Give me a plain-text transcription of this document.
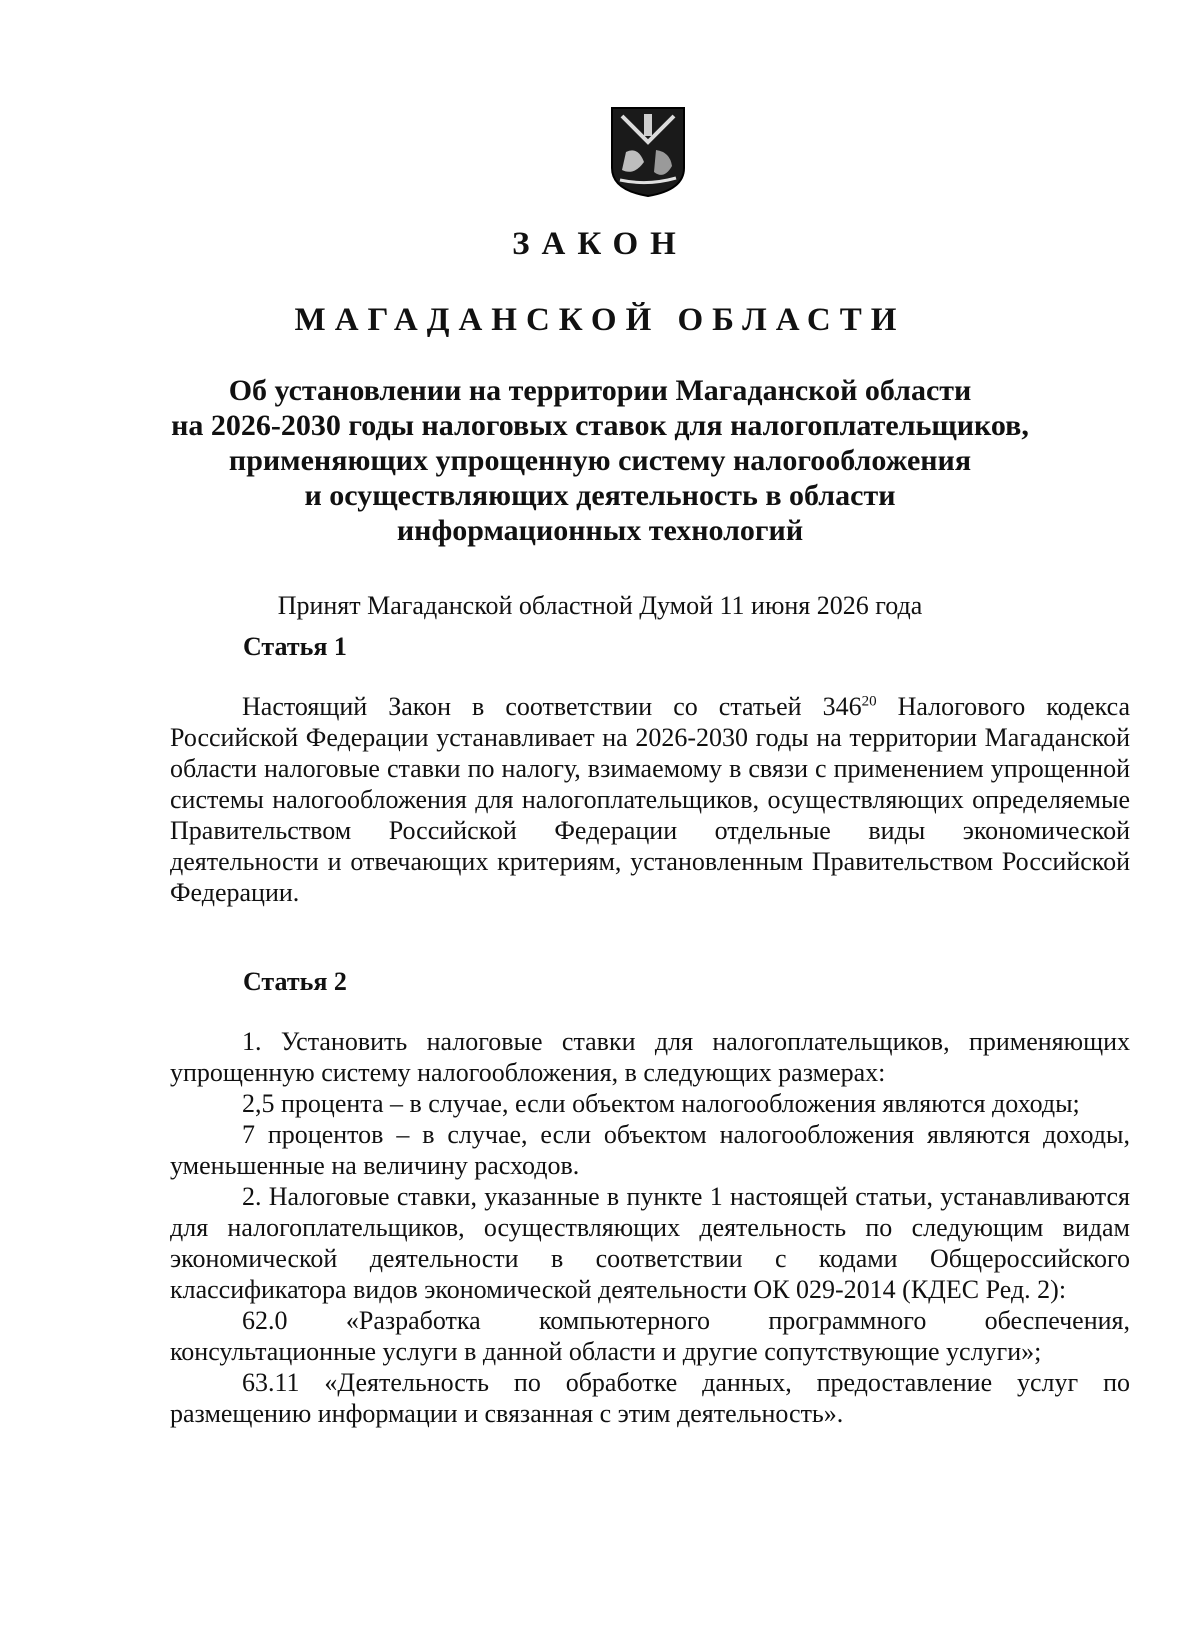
ЗАКОН
МАГАДАНСКОЙ ОБЛАСТИ
Об установлении на территории Магаданской области
на 2026-2030 годы налоговых ставок для налогоплательщиков,
применяющих упрощенную систему налогообложения
и осуществляющих деятельность в области
информационных технологий
Принят Магаданской областной Думой 11 июня 2026 года
Статья 1

Настоящий Закон в соответствии со статьей $346^{20}$ Налогового кодекса Российской Федерации устанавливает на 2026-2030 годы на территории Магаданской области налоговые ставки по налогу, взимаемому в связи с применением упрощенной системы налогообложения для налогоплательщиков, осуществляющих определяемые Правительством Российской Федерации отдельные виды экономической деятельности и отвечающих критериям, установленным Правительством Российской Федерации.

Статья 2

1. Установить налоговые ставки для налогоплательщиков, применяющих упрощенную систему налогообложения, в следующих размерах:

2,5 процента – в случае, если объектом налогообложения являются доходы;

7 процентов – в случае, если объектом налогообложения являются доходы, уменьшенные на величину расходов.

2. Налоговые ставки, указанные в пункте 1 настоящей статьи, устанавливаются для налогоплательщиков, осуществляющих деятельность по следующим видам экономической деятельности в соответствии с кодами Общероссийского классификатора видов экономической деятельности ОК 029-2014 (КДЕС Ред. 2):

62.0 «Разработка компьютерного программного обеспечения, консультационные услуги в данной области и другие сопутствующие услуги»;

63.11 «Деятельность по обработке данных, предоставление услуг по размещению информации и связанная с этим деятельность».
